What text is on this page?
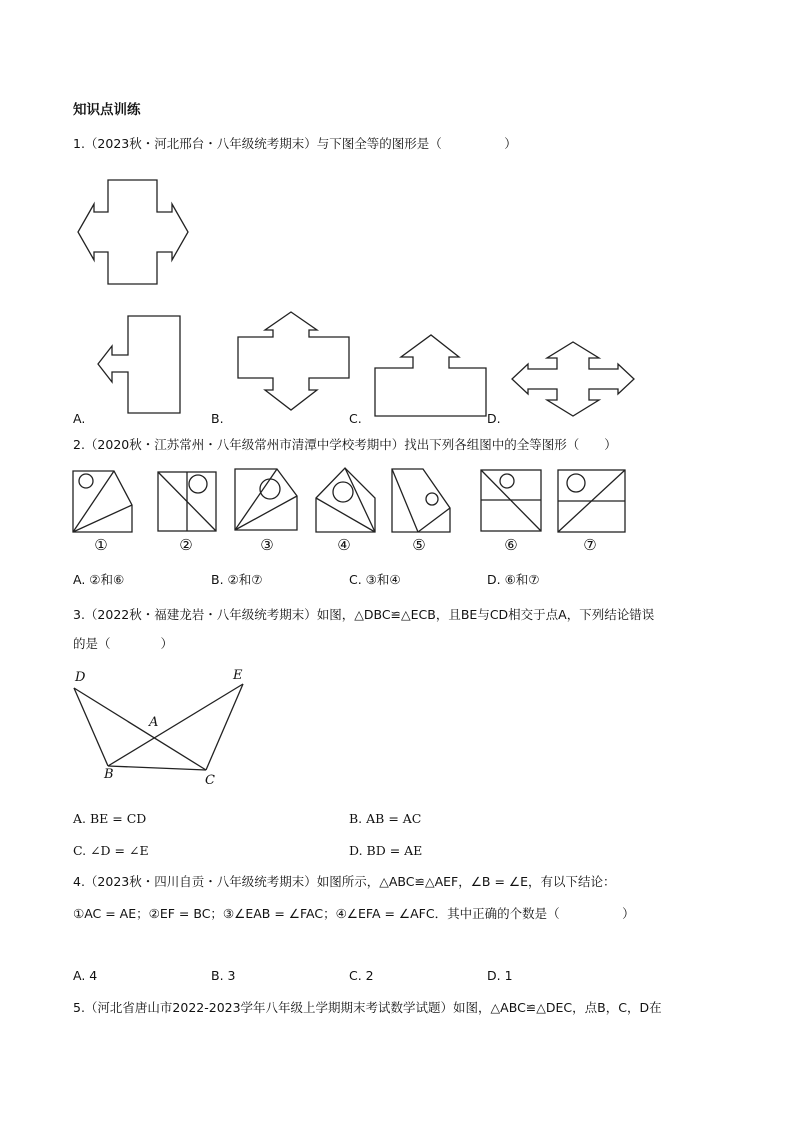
知识点训练
1.（2023秋・河北邢台・八年级统考期末）与下图全等的图形是（　　　　　）
A.	B.	C.	D.
2.（2020秋・江苏常州・八年级常州市清潭中学校考期中）找出下列各组图中的全等图形（　　）
①	②	③	④	⑤	⑥	⑦
A. ②和⑥	B. ②和⑦	C. ③和④	D. ⑥和⑦
3.（2022秋・福建龙岩・八年级统考期末）如图，△DBC≌△ECB，且BE与CD相交于点A，下列结论错误
的是（　　　　）
D	E
A
B	C
A. BE = CD	B. AB = AC
C. ∠D = ∠E	D. BD = AE
4.（2023秋・四川自贡・八年级统考期末）如图所示，△ABC≌△AEF，∠B = ∠E，有以下结论：
①AC = AE；②EF = BC；③∠EAB = ∠FAC；④∠EFA = ∠AFC．其中正确的个数是（　　　　　）
A. 4	B. 3	C. 2	D. 1
5.（河北省唐山市2022-2023学年八年级上学期期末考试数学试题）如图，△ABC≌△DEC，点B，C，D在
